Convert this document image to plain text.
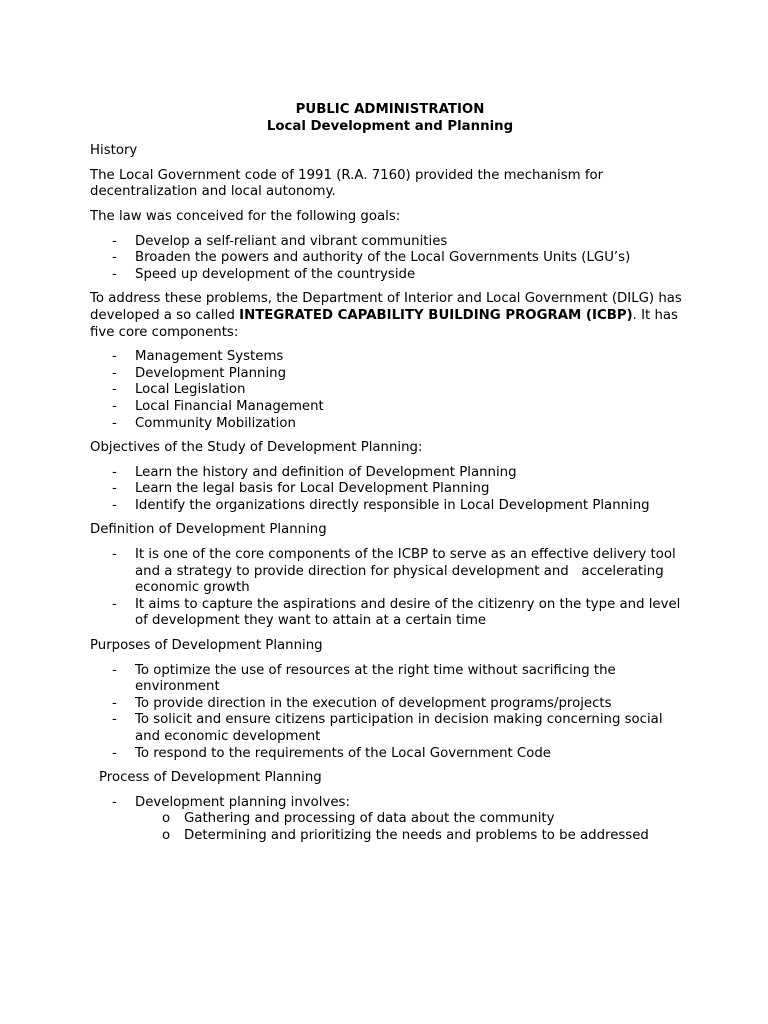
PUBLIC ADMINISTRATION

Local Development and Planning

History

The Local Government code of 1991 (R.A. 7160) provided the mechanism for decentralization and local autonomy.

The law was conceived for the following goals:

- Develop a self-reliant and vibrant communities
- Broaden the powers and authority of the Local Governments Units (LGU’s)
- Speed up development of the countryside

To address these problems, the Department of Interior and Local Government (DILG) has developed a so called INTEGRATED CAPABILITY BUILDING PROGRAM (ICBP). It has five core components:

- Management Systems
- Development Planning
- Local Legislation
- Local Financial Management
- Community Mobilization

Objectives of the Study of Development Planning:

- Learn the history and definition of Development Planning
- Learn the legal basis for Local Development Planning
- Identify the organizations directly responsible in Local Development Planning

Definition of Development Planning

- It is one of the core components of the ICBP to serve as an effective delivery tool and a strategy to provide direction for physical development and   accelerating economic growth
- It aims to capture the aspirations and desire of the citizenry on the type and level of development they want to attain at a certain time

Purposes of Development Planning

- To optimize the use of resources at the right time without sacrificing the environment
- To provide direction in the execution of development programs/projects
- To solicit and ensure citizens participation in decision making concerning social and economic development
- To respond to the requirements of the Local Government Code

Process of Development Planning

- Development planning involves:
o Gathering and processing of data about the community
o Determining and prioritizing the needs and problems to be addressed
